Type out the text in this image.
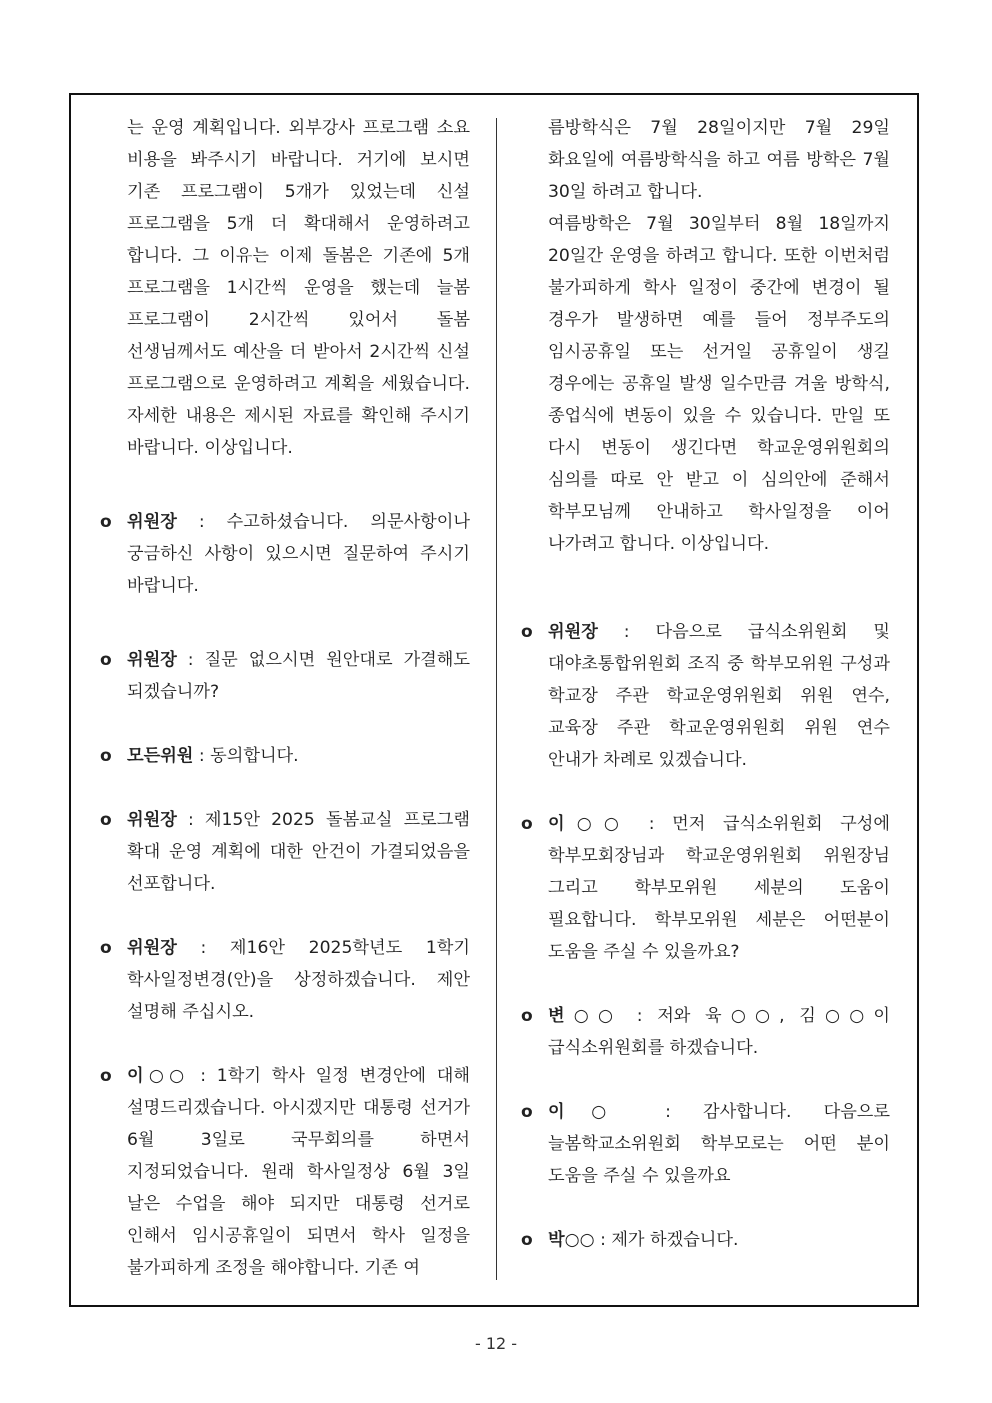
는 운영 계획입니다. 외부강사 프로그램 소요 비용을 봐주시기 바랍니다. 거기에 보시면 기존 프로그램이 5개가 있었는데 신설 프로그램을 5개 더 확대해서 운영하려고 합니다. 그 이유는 이제 돌봄은 기존에 5개 프로그램을 1시간씩 운영을 했는데 늘봄 프로그램이 2시간씩 있어서 돌봄 선생님께서도 예산을 더 받아서 2시간씩 신설 프로그램으로 운영하려고 계획을 세웠습니다. 자세한 내용은 제시된 자료를 확인해 주시기 바랍니다. 이상입니다.
o 위원장 : 수고하셨습니다. 의문사항이나 궁금하신 사항이 있으시면 질문하여 주시기 바랍니다.
o 위원장 : 질문 없으시면 원안대로 가결해도 되겠습니까?
o 모든위원 : 동의합니다.
o 위원장 : 제15안 2025 돌봄교실 프로그램 확대 운영 계획에 대한 안건이 가결되었음을 선포합니다.
o 위원장 : 제16안 2025학년도 1학기 학사일정변경(안)을 상정하겠습니다. 제안 설명해 주십시오.
o 이○○ : 1학기 학사 일정 변경안에 대해 설명드리겠습니다. 아시겠지만 대통령 선거가 6월 3일로 국무회의를 하면서 지정되었습니다. 원래 학사일정상 6월 3일 날은 수업을 해야 되지만 대통령 선거로 인해서 임시공휴일이 되면서 학사 일정을 불가피하게 조정을 해야합니다. 기존 여
름방학식은 7월 28일이지만 7월 29일 화요일에 여름방학식을 하고 여름 방학은 7월 30일 하려고 합니다.
여름방학은 7월 30일부터 8월 18일까지 20일간 운영을 하려고 합니다. 또한 이번처럼 불가피하게 학사 일정이 중간에 변경이 될 경우가 발생하면 예를 들어 정부주도의 임시공휴일 또는 선거일 공휴일이 생길 경우에는 공휴일 발생 일수만큼 겨울 방학식, 종업식에 변동이 있을 수 있습니다. 만일 또 다시 변동이 생긴다면 학교운영위원회의 심의를 따로 안 받고 이 심의안에 준해서 학부모님께 안내하고 학사일정을 이어 나가려고 합니다. 이상입니다.
o 위원장 : 다음으로 급식소위원회 및 대야초통합위원회 조직 중 학부모위원 구성과 학교장 주관 학교운영위원회 위원 연수, 교육장 주관 학교운영위원회 위원 연수 안내가 차례로 있겠습니다.
o 이○○ : 먼저 급식소위원회 구성에 학부모회장님과 학교운영위원회 위원장님 그리고 학부모위원 세분의 도움이 필요합니다. 학부모위원 세분은 어떤분이 도움을 주실 수 있을까요?
o 변○○ : 저와 육○○, 김○○이 급식소위원회를 하겠습니다.
o 이○ : 감사합니다. 다음으로 늘봄학교소위원회 학부모로는 어떤 분이 도움을 주실 수 있을까요
o 박○○ : 제가 하겠습니다.
- 12 -
